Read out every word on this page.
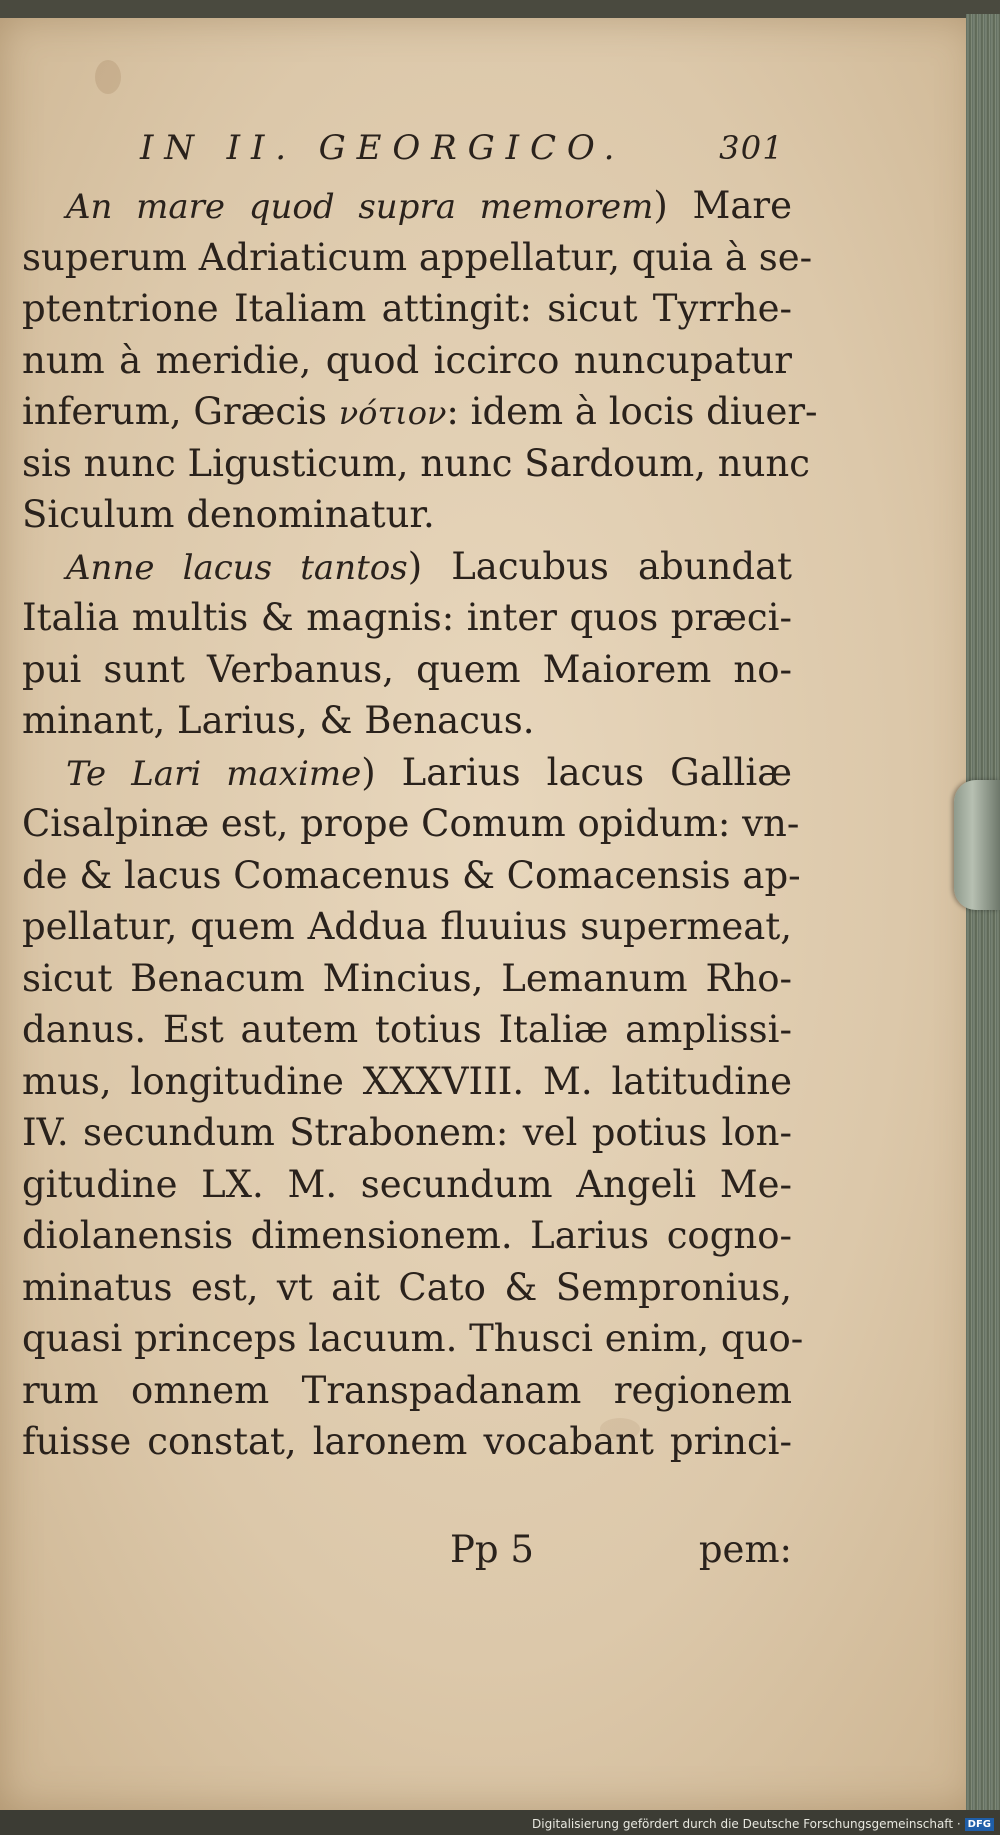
IN II. GEORGICO.	301
An mare quod supra memorem) Mare
superum Adriaticum appellatur, quia à se-
ptentrione Italiam attingit: sicut Tyrrhe-
num à meridie, quod iccirco nuncupatur
inferum, Græcis νότιον: idem à locis diuer-
sis nunc Ligusticum, nunc Sardoum, nunc
Siculum denominatur.
Anne lacus tantos) Lacubus abundat
Italia multis & magnis: inter quos præci-
pui sunt Verbanus, quem Maiorem no-
minant, Larius, & Benacus.
Te Lari maxime) Larius lacus Galliæ
Cisalpinæ est, prope Comum opidum: vn-
de & lacus Comacenus & Comacensis ap-
pellatur, quem Addua fluuius supermeat,
sicut Benacum Mincius, Lemanum Rho-
danus. Est autem totius Italiæ amplissi-
mus, longitudine XXXVIII. M. latitudine
IV. secundum Strabonem: vel potius lon-
gitudine LX. M. secundum Angeli Me-
diolanensis dimensionem. Larius cogno-
minatus est, vt ait Cato & Sempronius,
quasi princeps lacuum. Thusci enim, quo-
rum omnem Transpadanam regionem
fuisse constat, laronem vocabant princi-
Pp 5	pem:
Digitalisierung gefördert durch die Deutsche Forschungsgemeinschaft · DFG
